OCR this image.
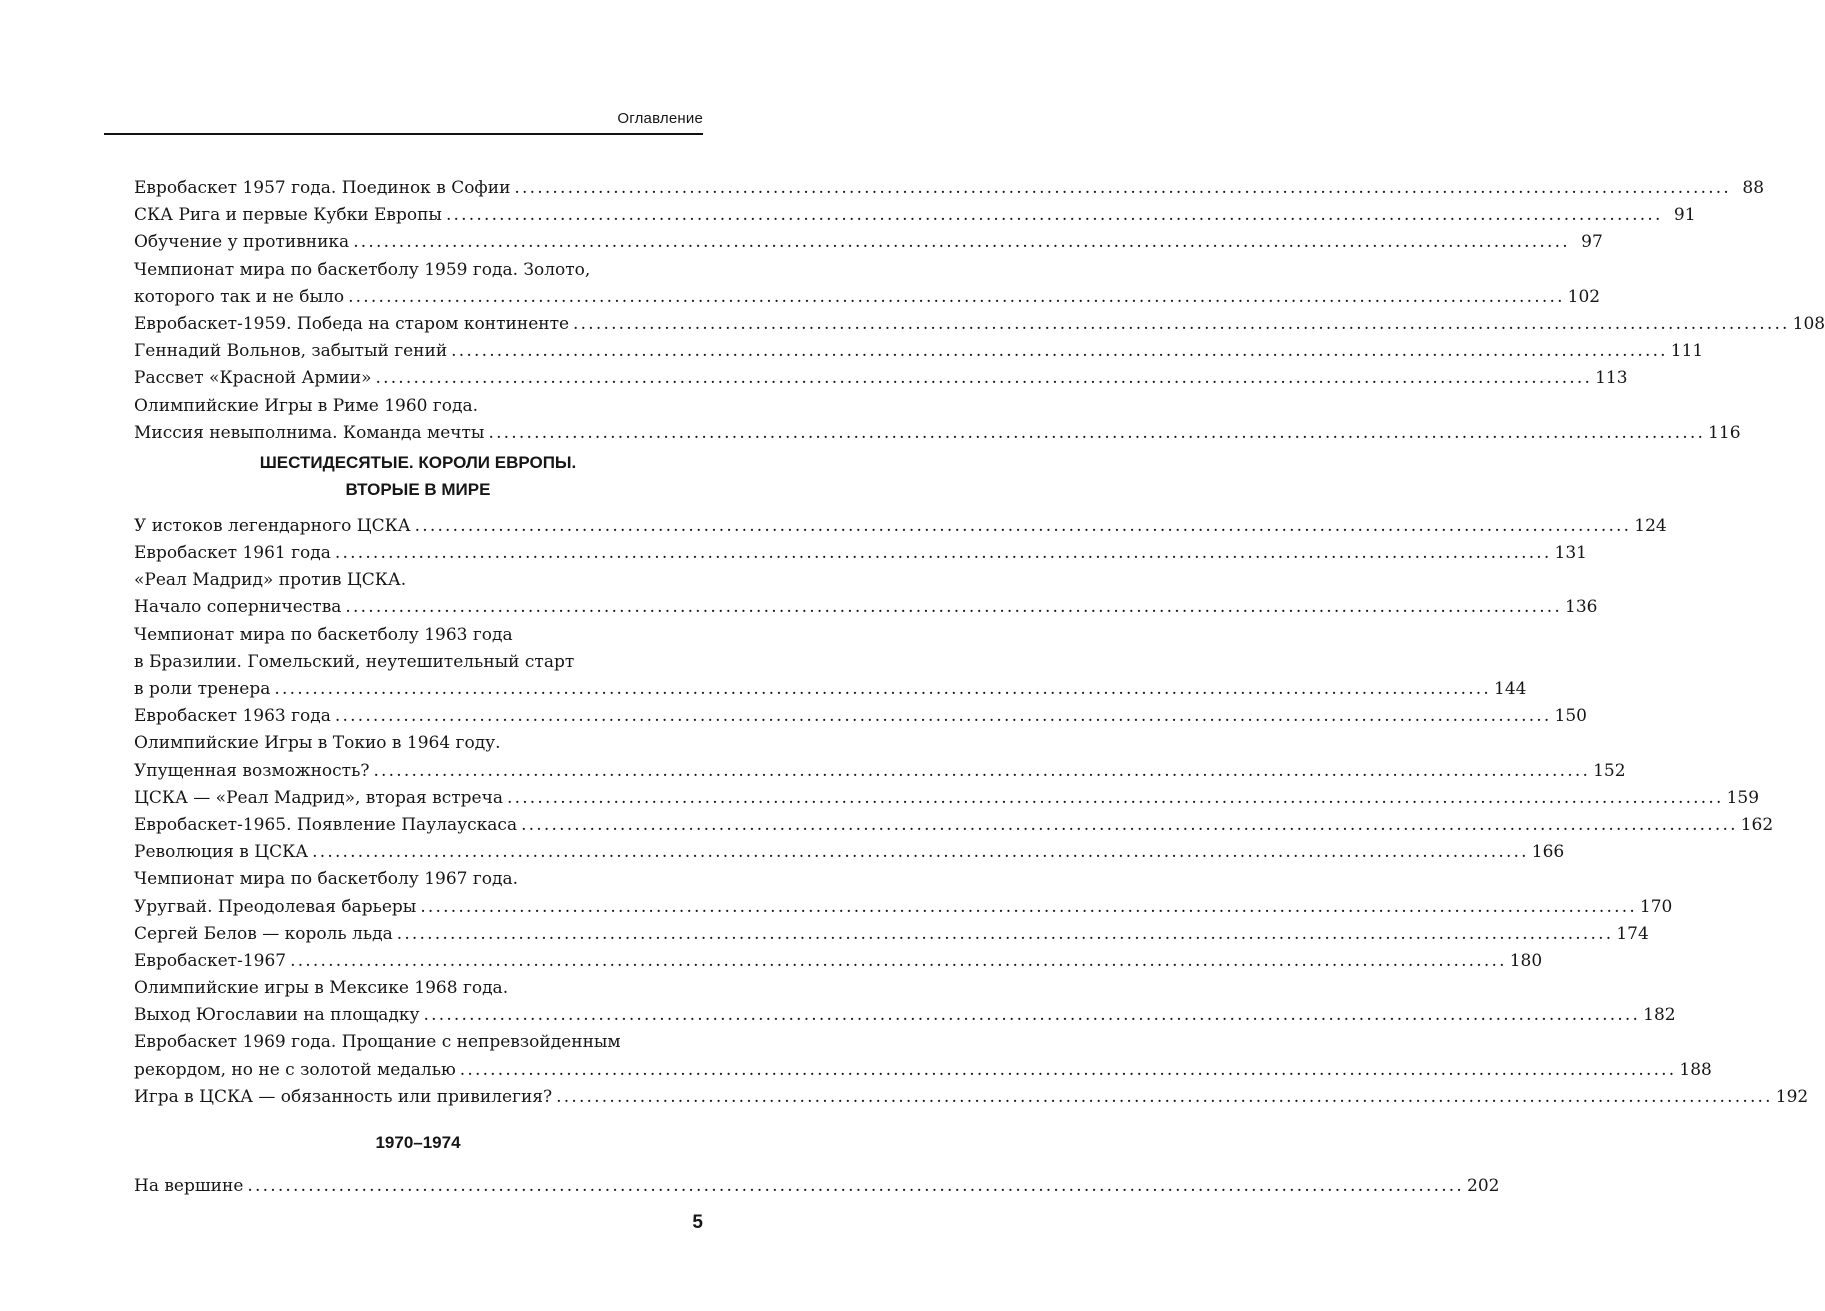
Оглавление
Евробаскет 1957 года. Поединок в Софии ................................................................................................................................................................ 88
СКА Рига и первые Кубки Европы ................................................................................................................................................................ 91
Обучение у противника ................................................................................................................................................................ 97
Чемпионат мира по баскетболу 1959 года. Золото,
которого так и не было ................................................................................................................................................................ 102
Евробаскет-1959. Победа на старом континенте ................................................................................................................................................................ 108
Геннадий Вольнов, забытый гений ................................................................................................................................................................ 111
Рассвет «Красной Армии» ................................................................................................................................................................ 113
Олимпийские Игры в Риме 1960 года.
Миссия невыполнима. Команда мечты ................................................................................................................................................................ 116
ШЕСТИДЕСЯТЫЕ. КОРОЛИ ЕВРОПЫ.
ВТОРЫЕ В МИРЕ
У истоков легендарного ЦСКА ................................................................................................................................................................ 124
Евробаскет 1961 года ................................................................................................................................................................ 131
«Реал Мадрид» против ЦСКА.
Начало соперничества ................................................................................................................................................................ 136
Чемпионат мира по баскетболу 1963 года
в Бразилии. Гомельский, неутешительный старт
в роли тренера ................................................................................................................................................................ 144
Евробаскет 1963 года ................................................................................................................................................................ 150
Олимпийские Игры в Токио в 1964 году.
Упущенная возможность? ................................................................................................................................................................ 152
ЦСКА — «Реал Мадрид», вторая встреча ................................................................................................................................................................ 159
Евробаскет-1965. Появление Паулаускаса ................................................................................................................................................................ 162
Революция в ЦСКА ................................................................................................................................................................ 166
Чемпионат мира по баскетболу 1967 года.
Уругвай. Преодолевая барьеры ................................................................................................................................................................ 170
Сергей Белов — король льда ................................................................................................................................................................ 174
Евробаскет-1967 ................................................................................................................................................................ 180
Олимпийские игры в Мексике 1968 года.
Выход Югославии на площадку ................................................................................................................................................................ 182
Евробаскет 1969 года. Прощание с непревзойденным
рекордом, но не с золотой медалью ................................................................................................................................................................ 188
Игра в ЦСКА — обязанность или привилегия? ................................................................................................................................................................ 192
1970–1974
На вершине ................................................................................................................................................................ 202
5
